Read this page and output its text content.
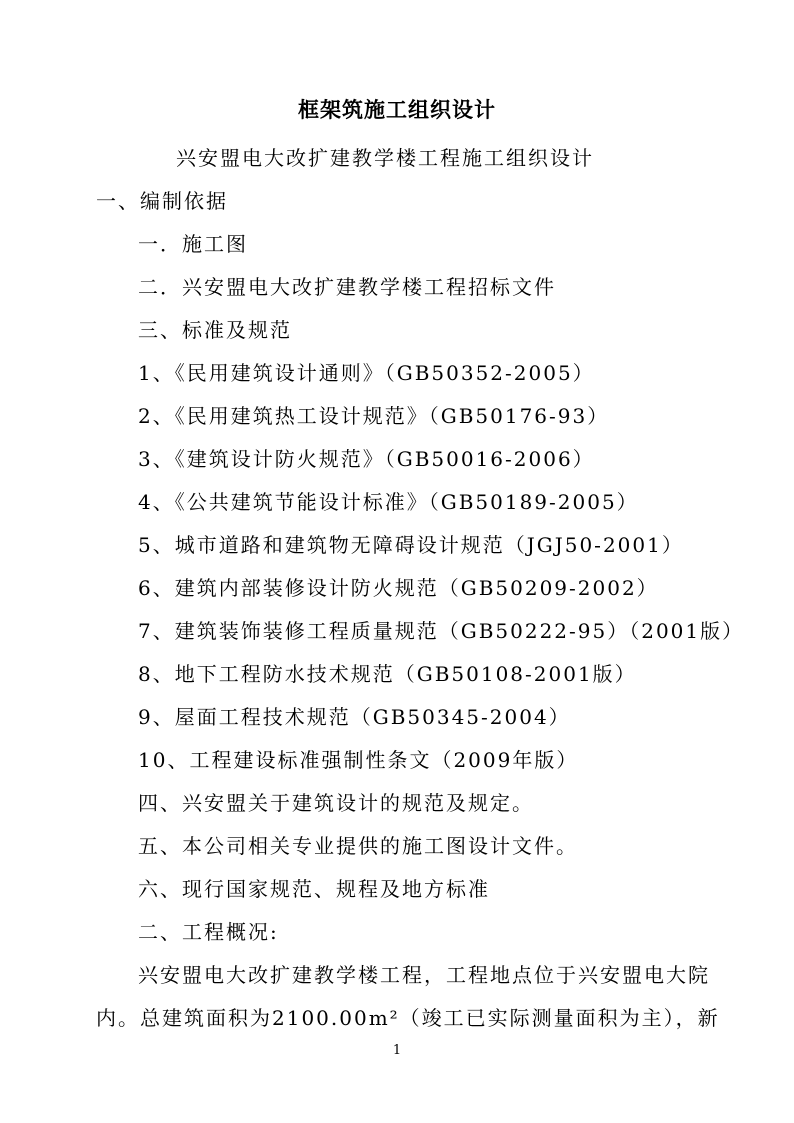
框架筑施工组织设计
兴安盟电大改扩建教学楼工程施工组织设计
一、编制依据
一．施工图
二．兴安盟电大改扩建教学楼工程招标文件
三、标准及规范
1、《民用建筑设计通则》（GB50352-2005）
2、《民用建筑热工设计规范》（GB50176-93）
3、《建筑设计防火规范》（GB50016-2006）
4、《公共建筑节能设计标准》（GB50189-2005）
5、城市道路和建筑物无障碍设计规范（JGJ50-2001）
6、建筑内部装修设计防火规范（GB50209-2002）
7、建筑装饰装修工程质量规范（GB50222-95）（2001版）
8、地下工程防水技术规范（GB50108-2001版）
9、屋面工程技术规范（GB50345-2004）
10、工程建设标准强制性条文（2009年版）
四、兴安盟关于建筑设计的规范及规定。
五、本公司相关专业提供的施工图设计文件。
六、现行国家规范、规程及地方标准
二、工程概况:
兴安盟电大改扩建教学楼工程，工程地点位于兴安盟电大院
内。总建筑面积为2100.00m²（竣工已实际测量面积为主），新
1
